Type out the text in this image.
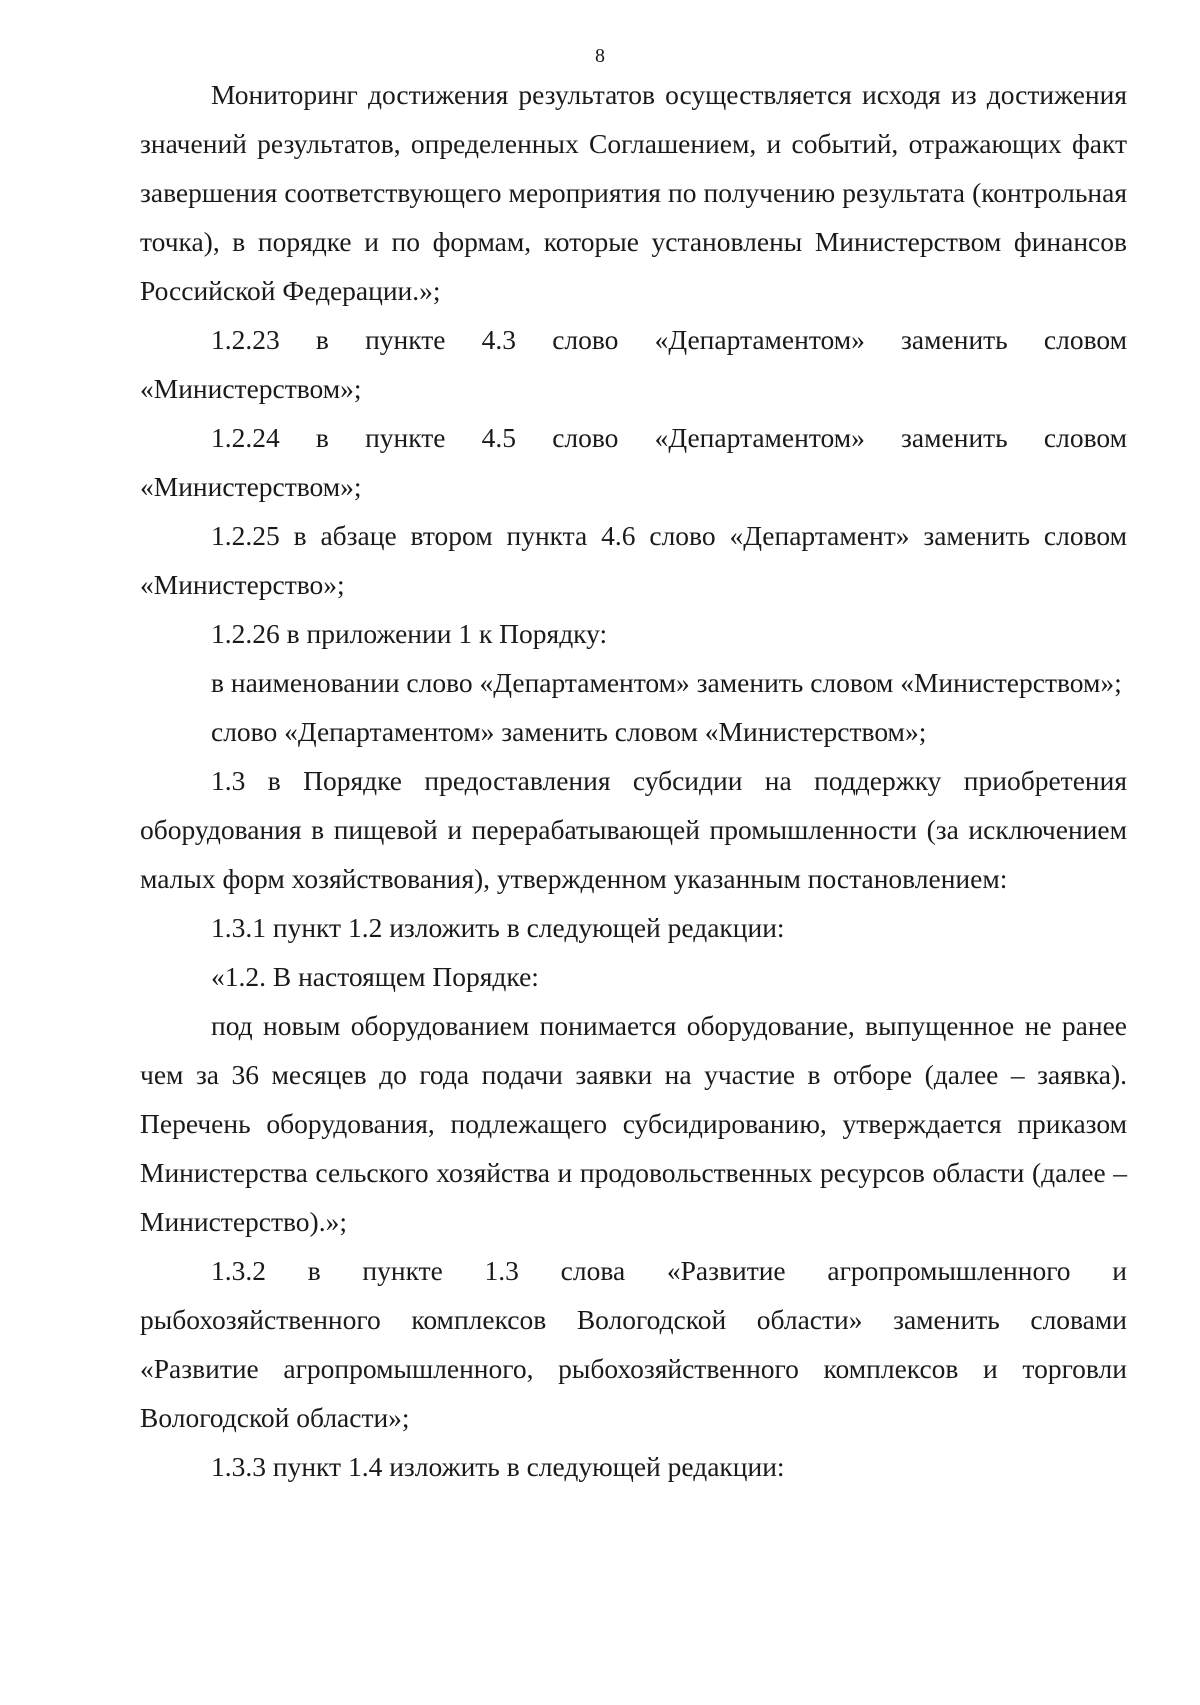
8

Мониторинг достижения результатов осуществляется исходя из достижения значений результатов, определенных Соглашением, и событий, отражающих факт завершения соответствующего мероприятия по получению результата (контрольная точка), в порядке и по формам, которые установлены Министерством финансов Российской Федерации.»;

1.2.23 в пункте 4.3 слово «Департаментом» заменить словом «Министерством»;

1.2.24 в пункте 4.5 слово «Департаментом» заменить словом «Министерством»;

1.2.25 в абзаце втором пункта 4.6 слово «Департамент» заменить словом «Министерство»;

1.2.26 в приложении 1 к Порядку:

в наименовании слово «Департаментом» заменить словом «Министерством»;

слово «Департаментом» заменить словом «Министерством»;

1.3 в Порядке предоставления субсидии на поддержку приобретения оборудования в пищевой и перерабатывающей промышленности (за исключением малых форм хозяйствования), утвержденном указанным постановлением:

1.3.1 пункт 1.2 изложить в следующей редакции:

«1.2. В настоящем Порядке:

под новым оборудованием понимается оборудование, выпущенное не ранее чем за 36 месяцев до года подачи заявки на участие в отборе (далее – заявка). Перечень оборудования, подлежащего субсидированию, утверждается приказом Министерства сельского хозяйства и продовольственных ресурсов области (далее – Министерство).»;

1.3.2 в пункте 1.3 слова «Развитие агропромышленного и рыбохозяйственного комплексов Вологодской области» заменить словами «Развитие агропромышленного, рыбохозяйственного комплексов и торговли Вологодской области»;

1.3.3 пункт 1.4 изложить в следующей редакции:
